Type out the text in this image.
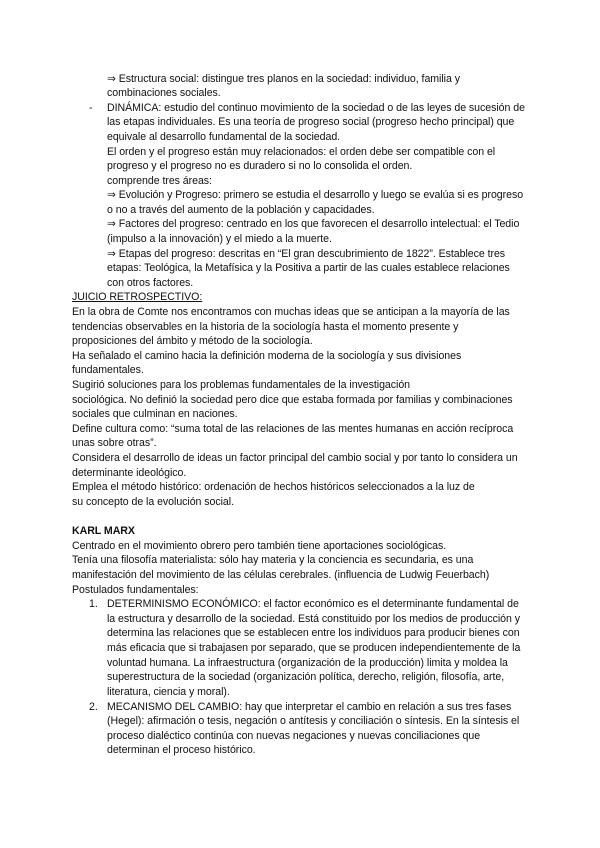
⇒ Estructura social: distingue tres planos en la sociedad: individuo, familia y
combinaciones sociales.
- DINÁMICA: estudio del continuo movimiento de la sociedad o de las leyes de sucesión de
las etapas individuales. Es una teoría de progreso social (progreso hecho principal) que
equivale al desarrollo fundamental de la sociedad.
El orden y el progreso están muy relacionados: el orden debe ser compatible con el
progreso y el progreso no es duradero si no lo consolida el orden.
comprende tres áreas:
⇒ Evolución y Progreso: primero se estudia el desarrollo y luego se evalúa si es progreso
o no a través del aumento de la población y capacidades.
⇒ Factores del progreso: centrado en los que favorecen el desarrollo intelectual: el Tedio
(impulso a la innovación) y el miedo a la muerte.
⇒ Etapas del progreso: descritas en “El gran descubrimiento de 1822”. Establece tres
etapas: Teológica, la Metafísica y la Positiva a partir de las cuales establece relaciones
con otros factores.
JUICIO RETROSPECTIVO:
En la obra de Comte nos encontramos con muchas ideas que se anticipan a la mayoría de las
tendencias observables en la historia de la sociología hasta el momento presente y
proposiciones del ámbito y método de la sociología.
Ha señalado el camino hacia la definición moderna de la sociología y sus divisiones
fundamentales.
Sugirió soluciones para los problemas fundamentales de la investigación
sociológica. No definió la sociedad pero dice que estaba formada por familias y combinaciones
sociales que culminan en naciones.
Define cultura como: “suma total de las relaciones de las mentes humanas en acción recíproca
unas sobre otras”.
Considera el desarrollo de ideas un factor principal del cambio social y por tanto lo considera un
determinante ideológico.
Emplea el método histórico: ordenación de hechos históricos seleccionados a la luz de
su concepto de la evolución social.
KARL MARX
Centrado en el movimiento obrero pero también tiene aportaciones sociológicas.
Tenía una filosofía materialista: sólo hay materia y la conciencia es secundaria, es una
manifestación del movimiento de las células cerebrales. (influencia de Ludwig Feuerbach)
Postulados fundamentales:
1. DETERMINISMO ECONÓMICO: el factor económico es el determinante fundamental de
la estructura y desarrollo de la sociedad. Está constituido por los medios de producción y
determina las relaciones que se establecen entre los individuos para producir bienes con
más eficacia que si trabajasen por separado, que se producen independientemente de la
voluntad humana. La infraestructura (organización de la producción) limita y moldea la
superestructura de la sociedad (organización política, derecho, religión, filosofía, arte,
literatura, ciencia y moral).
2. MECANISMO DEL CAMBIO: hay que interpretar el cambio en relación a sus tres fases
(Hegel): afirmación o tesis, negación o antítesis y conciliación o síntesis. En la síntesis el
proceso dialéctico continúa con nuevas negaciones y nuevas conciliaciones que
determinan el proceso histórico.
